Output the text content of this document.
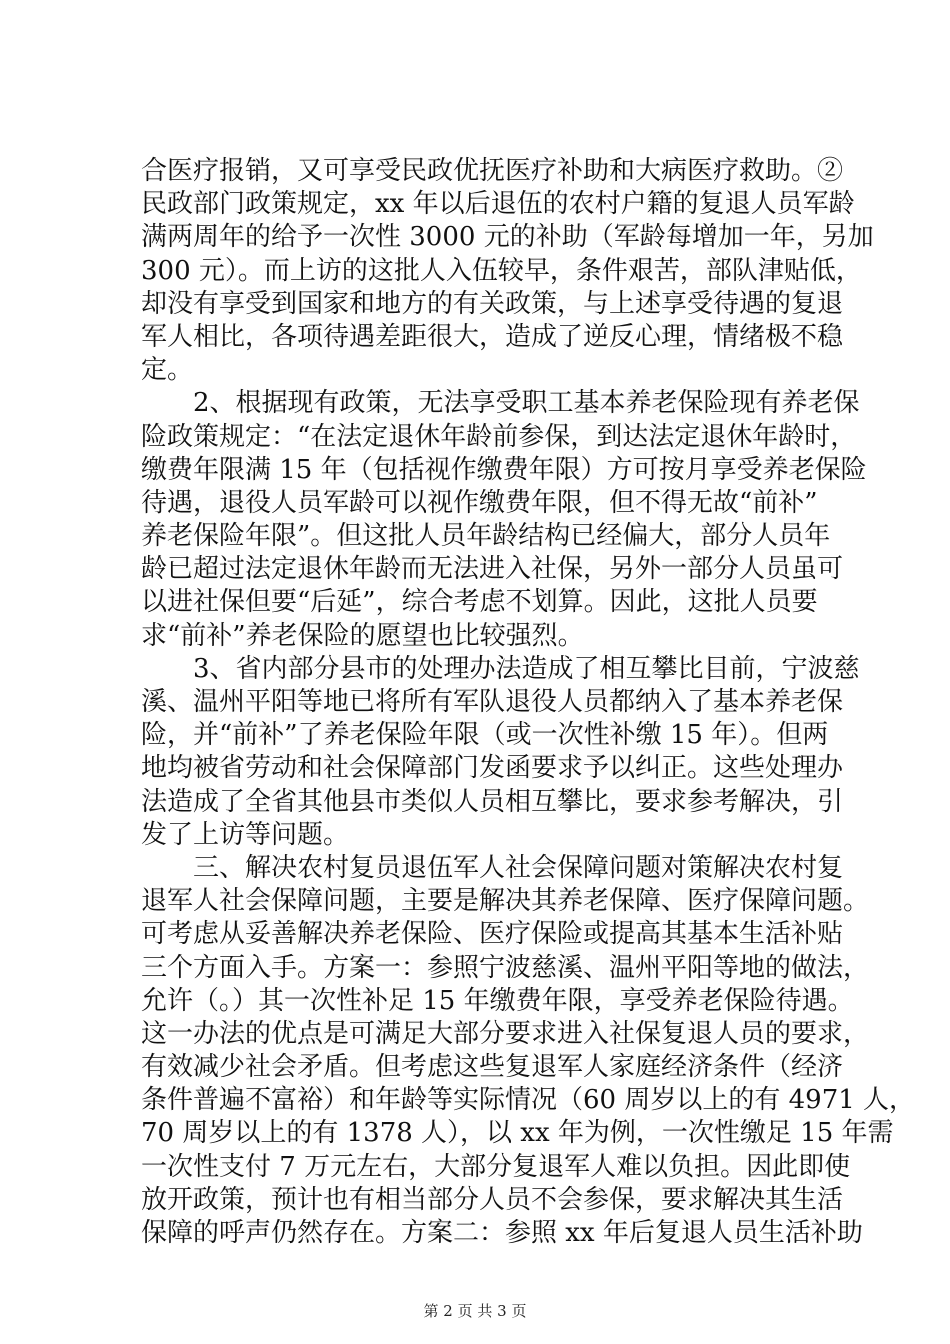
合医疗报销，又可享受民政优抚医疗补助和大病医疗救助。②
民政部门政策规定，xx 年以后退伍的农村户籍的复退人员军龄
满两周年的给予一次性 3000 元的补助（军龄每增加一年，另加
300 元）。而上访的这批人入伍较早，条件艰苦，部队津贴低，
却没有享受到国家和地方的有关政策，与上述享受待遇的复退
军人相比，各项待遇差距很大，造成了逆反心理，情绪极不稳
定。
　　2、根据现有政策，无法享受职工基本养老保险现有养老保
险政策规定：“在法定退休年龄前参保，到达法定退休年龄时，
缴费年限满 15 年（包括视作缴费年限）方可按月享受养老保险
待遇，退役人员军龄可以视作缴费年限，但不得无故“前补”
养老保险年限”。但这批人员年龄结构已经偏大，部分人员年
龄已超过法定退休年龄而无法进入社保，另外一部分人员虽可
以进社保但要“后延”，综合考虑不划算。因此，这批人员要
求“前补”养老保险的愿望也比较强烈。
　　3、省内部分县市的处理办法造成了相互攀比目前，宁波慈
溪、温州平阳等地已将所有军队退役人员都纳入了基本养老保
险，并“前补”了养老保险年限（或一次性补缴 15 年）。但两
地均被省劳动和社会保障部门发函要求予以纠正。这些处理办
法造成了全省其他县市类似人员相互攀比，要求参考解决，引
发了上访等问题。
　　三、解决农村复员退伍军人社会保障问题对策解决农村复
退军人社会保障问题，主要是解决其养老保障、医疗保障问题。
可考虑从妥善解决养老保险、医疗保险或提高其基本生活补贴
三个方面入手。方案一：参照宁波慈溪、温州平阳等地的做法，
允许（。）其一次性补足 15 年缴费年限，享受养老保险待遇。
这一办法的优点是可满足大部分要求进入社保复退人员的要求，
有效减少社会矛盾。但考虑这些复退军人家庭经济条件（经济
条件普遍不富裕）和年龄等实际情况（60 周岁以上的有 4971 人，
70 周岁以上的有 1378 人），以 xx 年为例，一次性缴足 15 年需
一次性支付 7 万元左右，大部分复退军人难以负担。因此即使
放开政策，预计也有相当部分人员不会参保，要求解决其生活
保障的呼声仍然存在。方案二：参照 xx 年后复退人员生活补助
第 2 页 共 3 页
